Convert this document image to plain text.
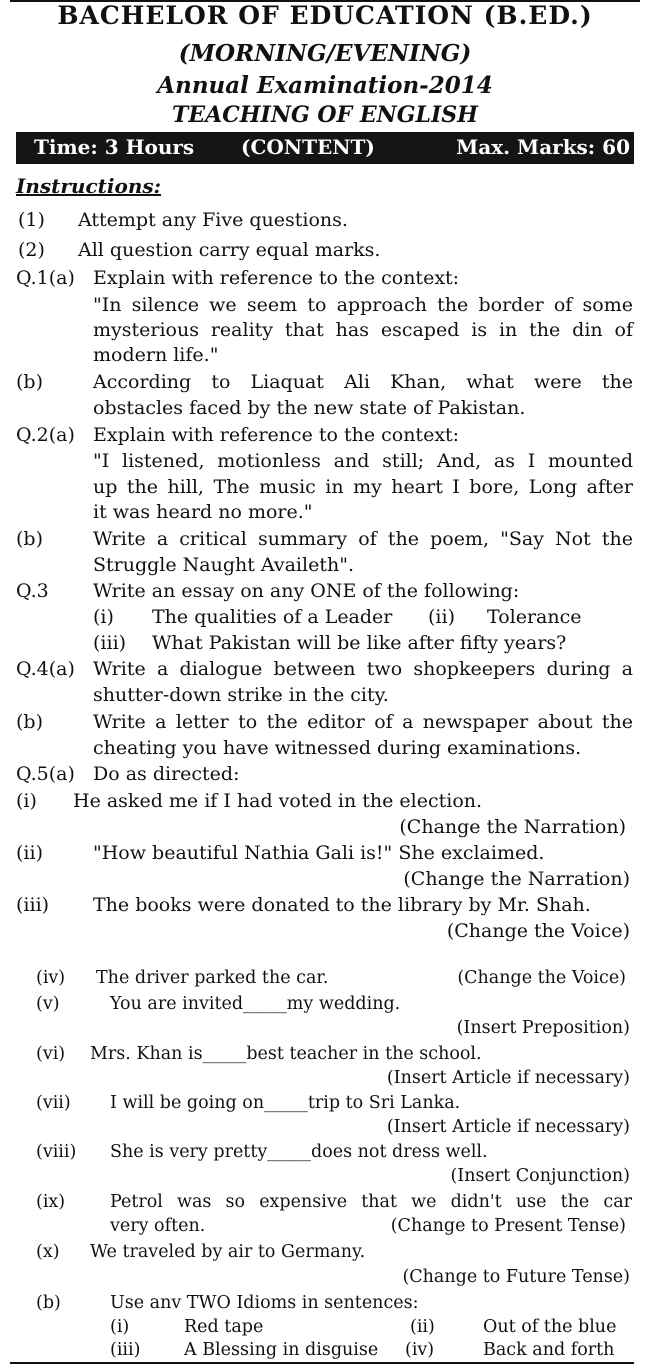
BACHELOR OF EDUCATION (B.ED.)
(MORNING/EVENING)
Annual Examination-2014
TEACHING OF ENGLISH
Time: 3 Hours (CONTENT)	Max. Marks: 60
Instructions:
(1) Attempt any Five questions.
(2) All question carry equal marks.
Q.1(a) Explain with reference to the context:
"In silence we seem to approach the border of some
mysterious reality that has escaped is in the din of
modern life."
(b)	According to Liaquat Ali Khan, what were the
obstacles faced by the new state of Pakistan.
Q.2(a) Explain with reference to the context:
"I listened, motionless and still; And, as I mounted
up the hill, The music in my heart I bore, Long after
it was heard no more."
(b)	Write a critical summary of the poem, "Say Not the
Struggle Naught Availeth".
Q.3 Write an essay on any ONE of the following:
(i) The qualities of a Leader (ii) Tolerance
(iii) What Pakistan will be like after fifty years?
Q.4(a) Write a dialogue between two shopkeepers during a
shutter-down strike in the city.
(b)	Write a letter to the editor of a newspaper about the
cheating you have witnessed during examinations.
Q.5(a) Do as directed:
(i) He asked me if I had voted in the election.
(Change the Narration)
(ii)	"How beautiful Nathia Gali is!" She exclaimed.
(Change the Narration)
(iii) The books were donated to the library by Mr. Shah.
(Change the Voice)
(iv) The driver parked the car.	(Change the Voice)
(v)	You are invited_____my wedding.
(Insert Preposition)
(vi) Mrs. Khan is_____best teacher in the school.
(Insert Article if necessary)
(vii) I will be going on_____trip to Sri Lanka.
(Insert Article if necessary)
(viii) She is very pretty_____does not dress well.
(Insert Conjunction)
(ix)	Petrol was so expensive that we didn't use the car
very often.	(Change to Present Tense)
(x) We traveled by air to Germany.
(Change to Future Tense)
(b)	Use anv TWO Idioms in sentences:
(i)	Red tape	(ii)	Out of the blue
(iii) A Blessing in disguise (iv)	Back and forth
